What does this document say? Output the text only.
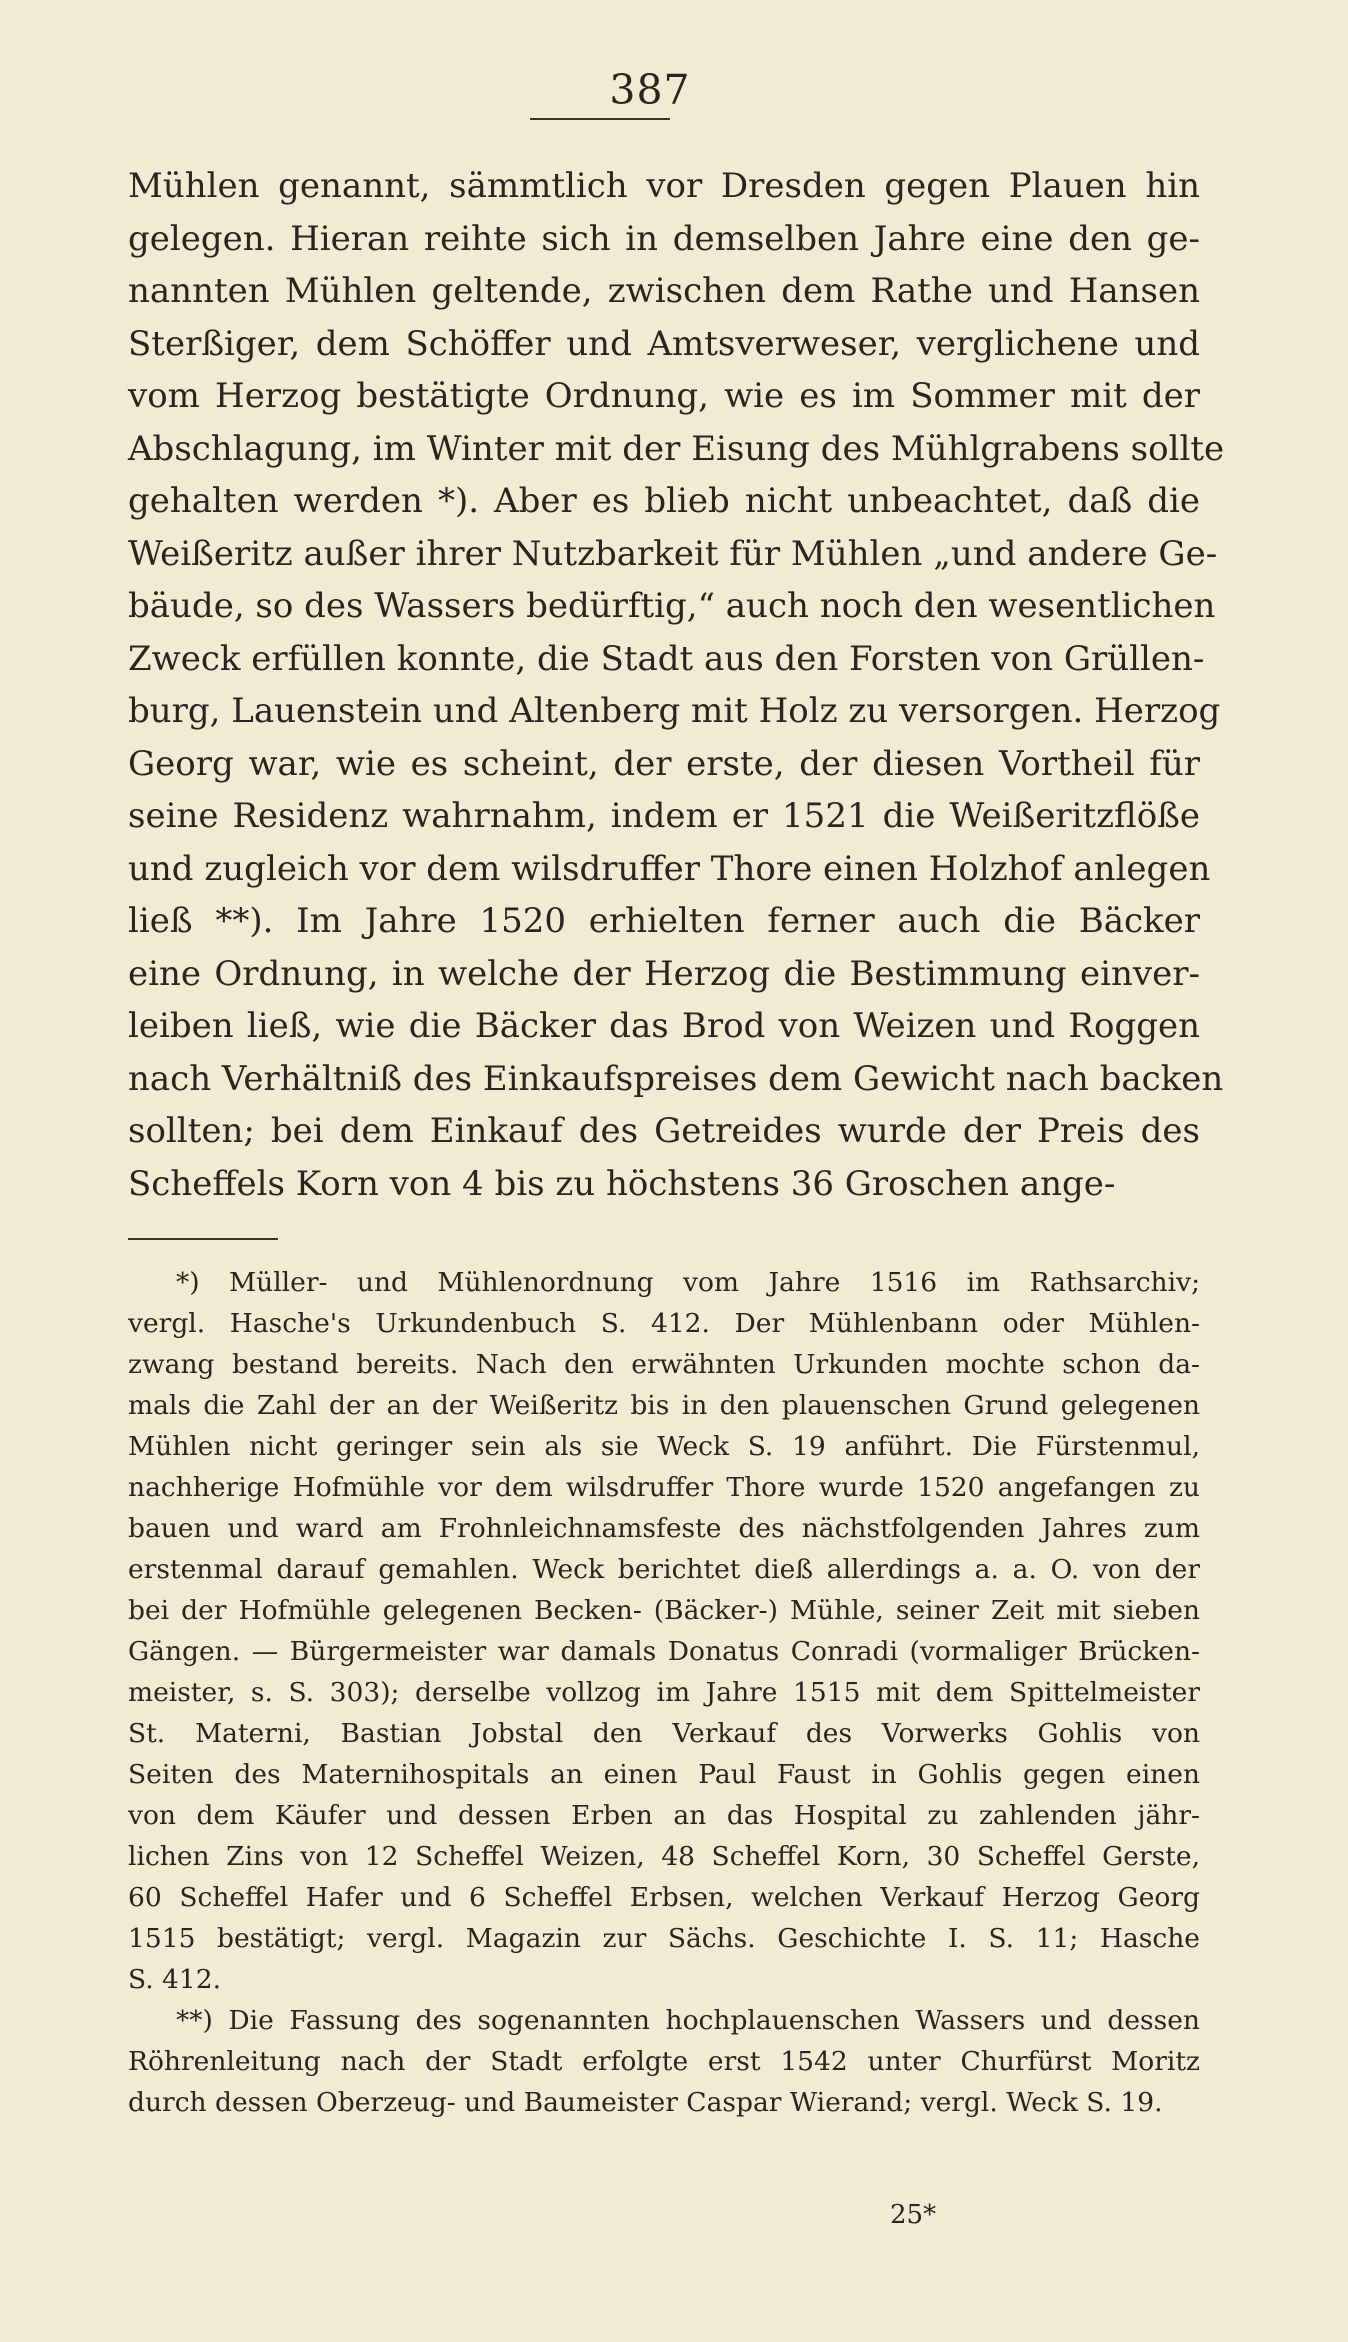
387
Mühlen genannt, sämmtlich vor Dresden gegen Plauen hin
gelegen. Hieran reihte sich in demselben Jahre eine den ge-
nannten Mühlen geltende, zwischen dem Rathe und Hansen
Sterßiger, dem Schöffer und Amtsverweser, verglichene und
vom Herzog bestätigte Ordnung, wie es im Sommer mit der
Abschlagung, im Winter mit der Eisung des Mühlgrabens sollte
gehalten werden *). Aber es blieb nicht unbeachtet, daß die
Weißeritz außer ihrer Nutzbarkeit für Mühlen „und andere Ge-
bäude, so des Wassers bedürftig,“ auch noch den wesentlichen
Zweck erfüllen konnte, die Stadt aus den Forsten von Grüllen-
burg, Lauenstein und Altenberg mit Holz zu versorgen. Herzog
Georg war, wie es scheint, der erste, der diesen Vortheil für
seine Residenz wahrnahm, indem er 1521 die Weißeritzflöße
und zugleich vor dem wilsdruffer Thore einen Holzhof anlegen
ließ **). Im Jahre 1520 erhielten ferner auch die Bäcker
eine Ordnung, in welche der Herzog die Bestimmung einver-
leiben ließ, wie die Bäcker das Brod von Weizen und Roggen
nach Verhältniß des Einkaufspreises dem Gewicht nach backen
sollten; bei dem Einkauf des Getreides wurde der Preis des
Scheffels Korn von 4 bis zu höchstens 36 Groschen ange-
*) Müller- und Mühlenordnung vom Jahre 1516 im Rathsarchiv;
vergl. Hasche's Urkundenbuch S. 412. Der Mühlenbann oder Mühlen-
zwang bestand bereits. Nach den erwähnten Urkunden mochte schon da-
mals die Zahl der an der Weißeritz bis in den plauenschen Grund gelegenen
Mühlen nicht geringer sein als sie Weck S. 19 anführt. Die Fürstenmul,
nachherige Hofmühle vor dem wilsdruffer Thore wurde 1520 angefangen zu
bauen und ward am Frohnleichnamsfeste des nächstfolgenden Jahres zum
erstenmal darauf gemahlen. Weck berichtet dieß allerdings a. a. O. von der
bei der Hofmühle gelegenen Becken- (Bäcker-) Mühle, seiner Zeit mit sieben
Gängen. — Bürgermeister war damals Donatus Conradi (vormaliger Brücken-
meister, s. S. 303); derselbe vollzog im Jahre 1515 mit dem Spittelmeister
St. Materni, Bastian Jobstal den Verkauf des Vorwerks Gohlis von
Seiten des Maternihospitals an einen Paul Faust in Gohlis gegen einen
von dem Käufer und dessen Erben an das Hospital zu zahlenden jähr-
lichen Zins von 12 Scheffel Weizen, 48 Scheffel Korn, 30 Scheffel Gerste,
60 Scheffel Hafer und 6 Scheffel Erbsen, welchen Verkauf Herzog Georg
1515 bestätigt; vergl. Magazin zur Sächs. Geschichte I. S. 11; Hasche
S. 412.
**) Die Fassung des sogenannten hochplauenschen Wassers und dessen
Röhrenleitung nach der Stadt erfolgte erst 1542 unter Churfürst Moritz
durch dessen Oberzeug- und Baumeister Caspar Wierand; vergl. Weck S. 19.
25*
